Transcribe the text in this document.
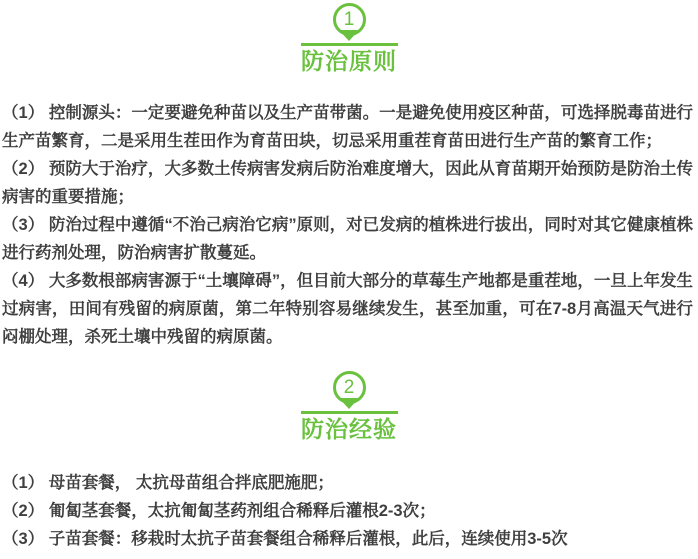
1
防治原则

（1） 控制源头：一定要避免种苗以及生产苗带菌。一是避免使用疫区种苗，可选择脱毒苗进行生产苗繁育，二是采用生茬田作为育苗田块，切忌采用重茬育苗田进行生产苗的繁育工作；

（2） 预防大于治疗，大多数土传病害发病后防治难度增大，因此从育苗期开始预防是防治土传病害的重要措施；

（3） 防治过程中遵循“不治己病治它病”原则，对已发病的植株进行拔出，同时对其它健康植株进行药剂处理，防治病害扩散蔓延。

（4） 大多数根部病害源于“土壤障碍”，但目前大部分的草莓生产地都是重茬地，一旦上年发生过病害，田间有残留的病原菌，第二年特别容易继续发生，甚至加重，可在7-8月高温天气进行闷棚处理，杀死土壤中残留的病原菌。

2
防治经验

（1） 母苗套餐， 太抗母苗组合拌底肥施肥；

（2） 匍匐茎套餐，太抗匍匐茎药剂组合稀释后灌根2-3次；

（3） 子苗套餐：移栽时太抗子苗套餐组合稀释后灌根，此后，连续使用3-5次
